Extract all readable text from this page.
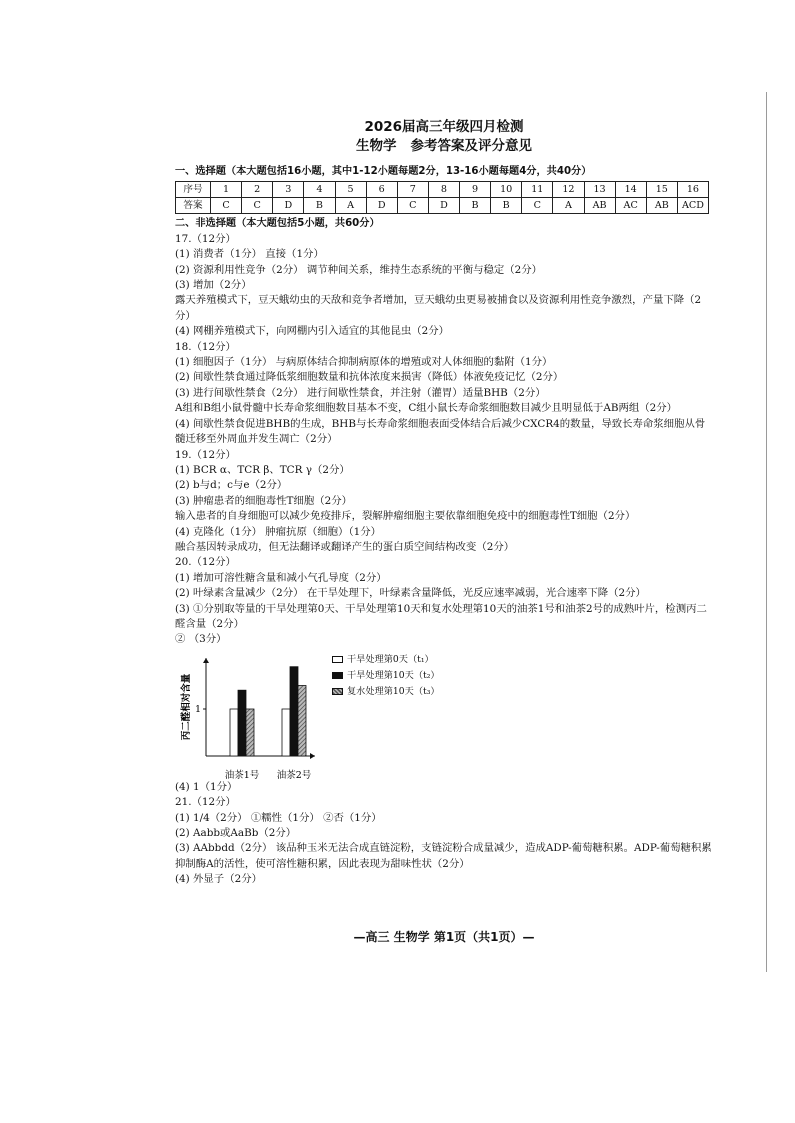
2026届高三年级四月检测
生物学 参考答案及评分意见
一、选择题（本大题包括16小题，其中1-12小题每题2分，13-16小题每题4分，共40分）
序号	1	2	3	4	5	6	7	8	9	10	11	12	13	14	15	16
答案	C	C	D	B	A	D	C	D	B	B	C	A	AB	AC	AB	ACD
二、非选择题（本大题包括5小题，共60分）
17.（12分）
(1) 消费者（1分） 直接（1分）
(2) 资源利用性竞争（2分） 调节种间关系，维持生态系统的平衡与稳定（2分）
(3) 增加（2分）
露天养殖模式下，豆天蛾幼虫的天敌和竞争者增加，豆天蛾幼虫更易被捕食以及资源利用性竞争激烈，产量下降（2分）
(4) 网棚养殖模式下，向网棚内引入适宜的其他昆虫（2分）
18.（12分）
(1) 细胞因子（1分） 与病原体结合抑制病原体的增殖或对人体细胞的黏附（1分）
(2) 间歇性禁食通过降低浆细胞数量和抗体浓度来损害（降低）体液免疫记忆（2分）
(3) 进行间歇性禁食（2分） 进行间歇性禁食，并注射（灌胃）适量BHB（2分）
A组和B组小鼠骨髓中长寿命浆细胞数目基本不变，C组小鼠长寿命浆细胞数目减少且明显低于AB两组（2分）
(4) 间歇性禁食促进BHB的生成，BHB与长寿命浆细胞表面受体结合后减少CXCR4的数量，导致长寿命浆细胞从骨髓迁移至外周血并发生凋亡（2分）
19.（12分）
(1) BCR α、TCR β、TCR γ（2分）
(2) b与d；c与e（2分）
(3) 肿瘤患者的细胞毒性T细胞（2分）
输入患者的自身细胞可以减少免疫排斥，裂解肿瘤细胞主要依靠细胞免疫中的细胞毒性T细胞（2分）
(4) 克隆化（1分） 肿瘤抗原（细胞）（1分）
融合基因转录成功，但无法翻译或翻译产生的蛋白质空间结构改变（2分）
20.（12分）
(1) 增加可溶性糖含量和减小气孔导度（2分）
(2) 叶绿素含量减少（2分） 在干旱处理下，叶绿素含量降低，光反应速率减弱，光合速率下降（2分）
(3) ①分别取等量的干旱处理第0天、干旱处理第10天和复水处理第10天的油茶1号和油茶2号的成熟叶片，检测丙二醛含量（2分）
② （3分）
丙二醛相对含量 1
油茶1号 油茶2号
干旱处理第0天（t₁）
干旱处理第10天（t₂）
复水处理第10天（t₃）
(4) 1（1分）
21.（12分）
(1) 1/4（2分） ①糯性（1分） ②否（1分）
(2) Aabb或AaBb（2分）
(3) AAbbdd（2分） 该品种玉米无法合成直链淀粉，支链淀粉合成量减少，造成ADP-葡萄糖积累。ADP-葡萄糖积累抑制酶A的活性，使可溶性糖积累，因此表现为甜味性状（2分）
(4) 外显子（2分）
—高三 生物学 第1页（共1页）—
